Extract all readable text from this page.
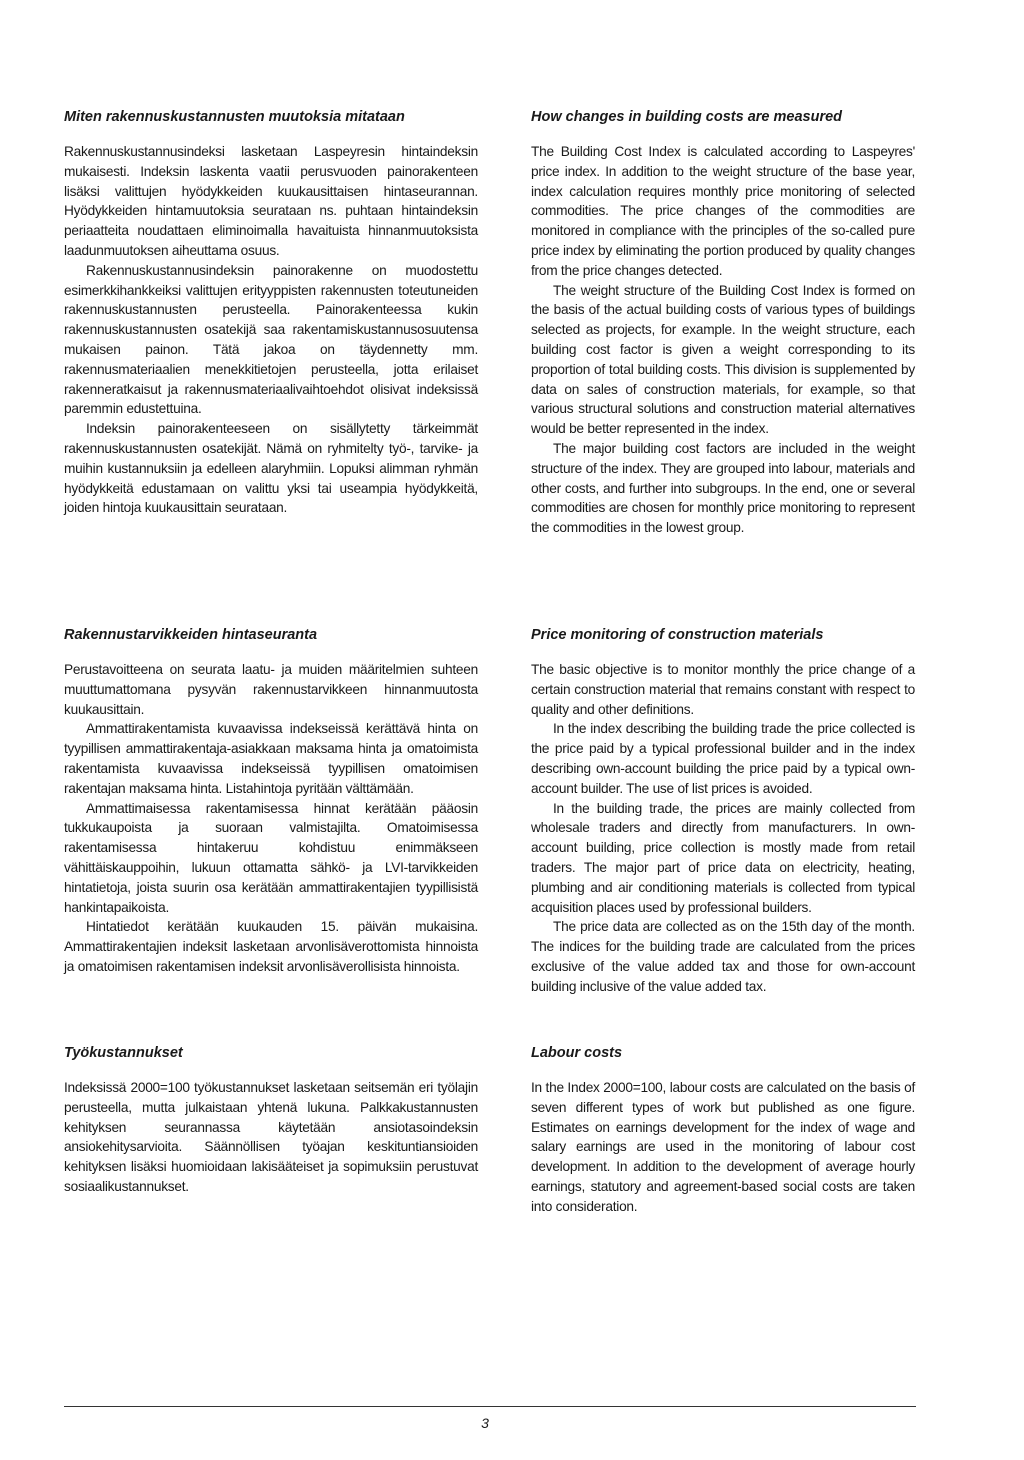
Miten rakennuskustannusten muutoksia mitataan

Rakennuskustannusindeksi lasketaan Laspeyresin hintaindeksin mukaisesti. Indeksin laskenta vaatii perusvuoden painorakenteen lisäksi valittujen hyödykkeiden kuukausittaisen hintaseurannan. Hyödykkeiden hintamuutoksia seurataan ns. puhtaan hintaindeksin periaatteita noudattaen eliminoimalla havaituista hinnanmuutoksista laadunmuutoksen aiheuttama osuus.

Rakennuskustannusindeksin painorakenne on muodostettu esimerkkihankkeiksi valittujen erityyppisten rakennusten toteutuneiden rakennuskustannusten perusteella. Painorakenteessa kukin rakennuskustannusten osatekijä saa rakentamiskustannusosuutensa mukaisen painon. Tätä jakoa on täydennetty mm. rakennusmateriaalien menekkitietojen perusteella, jotta erilaiset rakenneratkaisut ja rakennusmateriaalivaihtoehdot olisivat indeksissä paremmin edustettuina.

Indeksin painorakenteeseen on sisällytetty tärkeimmät rakennuskustannusten osatekijät. Nämä on ryhmitelty työ-, tarvike- ja muihin kustannuksiin ja edelleen alaryhmiin. Lopuksi alimman ryhmän hyödykkeitä edustamaan on valittu yksi tai useampia hyödykkeitä, joiden hintoja kuukausittain seurataan.

How changes in building costs are measured

The Building Cost Index is calculated according to Laspeyres' price index. In addition to the weight structure of the base year, index calculation requires monthly price monitoring of selected commodities. The price changes of the commodities are monitored in compliance with the principles of the so-called pure price index by eliminating the portion produced by quality changes from the price changes detected.

The weight structure of the Building Cost Index is formed on the basis of the actual building costs of various types of buildings selected as projects, for example. In the weight structure, each building cost factor is given a weight corresponding to its proportion of total building costs. This division is supplemented by data on sales of construction materials, for example, so that various structural solutions and construction material alternatives would be better represented in the index.

The major building cost factors are included in the weight structure of the index. They are grouped into labour, materials and other costs, and further into subgroups. In the end, one or several commodities are chosen for monthly price monitoring to represent the commodities in the lowest group.

Rakennustarvikkeiden hintaseuranta

Perustavoitteena on seurata laatu- ja muiden määritelmien suhteen muuttumattomana pysyvän rakennustarvikkeen hinnanmuutosta kuukausittain.

Ammattirakentamista kuvaavissa indekseissä kerättävä hinta on tyypillisen ammattirakentaja-asiakkaan maksama hinta ja omatoimista rakentamista kuvaavissa indekseissä tyypillisen omatoimisen rakentajan maksama hinta. Listahintoja pyritään välttämään.

Ammattimaisessa rakentamisessa hinnat kerätään pääosin tukkukaupoista ja suoraan valmistajilta. Omatoimisessa rakentamisessa hintakeruu kohdistuu enimmäkseen vähittäiskauppoihin, lukuun ottamatta sähkö- ja LVI-tarvikkeiden hintatietoja, joista suurin osa kerätään ammattirakentajien tyypillisistä hankintapaikoista.

Hintatiedot kerätään kuukauden 15. päivän mukaisina. Ammattirakentajien indeksit lasketaan arvonlisäverottomista hinnoista ja omatoimisen rakentamisen indeksit arvonlisäverollisista hinnoista.

Price monitoring of construction materials

The basic objective is to monitor monthly the price change of a certain construction material that remains constant with respect to quality and other definitions.

In the index describing the building trade the price collected is the price paid by a typical professional builder and in the index describing own-account building the price paid by a typical own-account builder. The use of list prices is avoided.

In the building trade, the prices are mainly collected from wholesale traders and directly from manufacturers. In own-account building, price collection is mostly made from retail traders. The major part of price data on electricity, heating, plumbing and air conditioning materials is collected from typical acquisition places used by professional builders.

The price data are collected as on the 15th day of the month. The indices for the building trade are calculated from the prices exclusive of the value added tax and those for own-account building inclusive of the value added tax.

Työkustannukset

Indeksissä 2000=100 työkustannukset lasketaan seitsemän eri työlajin perusteella, mutta julkaistaan yhtenä lukuna. Palkkakustannusten kehityksen seurannassa käytetään ansiotasoindeksin ansiokehitysarvioita. Säännöllisen työajan keskituntiansioiden kehityksen lisäksi huomioidaan lakisääteiset ja sopimuksiin perustuvat sosiaalikustannukset.

Labour costs

In the Index 2000=100, labour costs are calculated on the basis of seven different types of work but published as one figure. Estimates on earnings development for the index of wage and salary earnings are used in the monitoring of labour cost development. In addition to the development of average hourly earnings, statutory and agreement-based social costs are taken into consideration.

3
